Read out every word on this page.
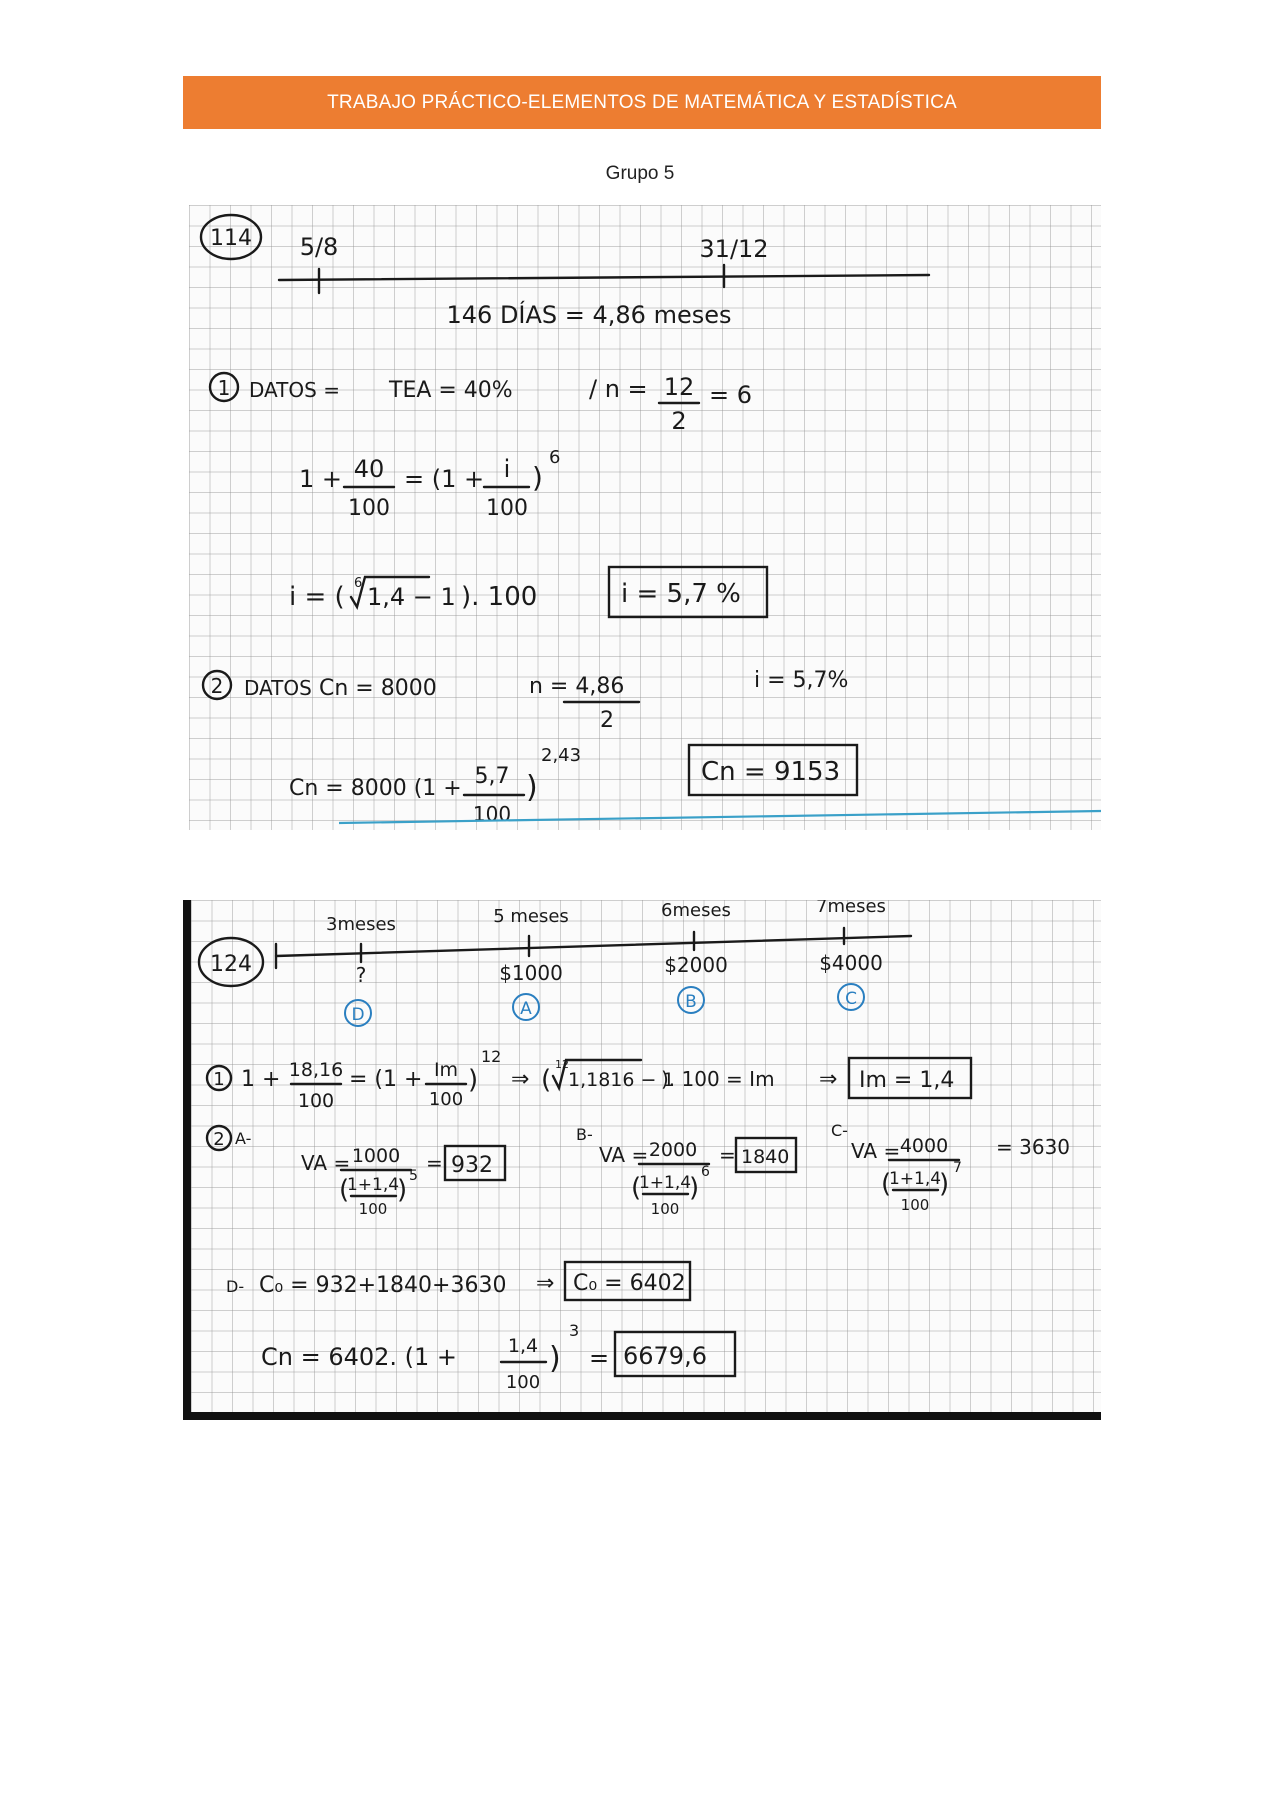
TRABAJO PRÁCTICO-ELEMENTOS DE MATEMÁTICA Y ESTADÍSTICA
Grupo 5
114 5/8	31/12
146 DÍAS = 4,86 meses
1 DATOS = TEA = 40%	/ n = 12
2
= 6
1 + 40
100
= (1 + i
100
)
6
i = ( 6 1,4 − 1 ). 100	i = 5,7 %
2 DATOS Cn = 8000	n = 4,86
2
i = 5,7%
Cn = 8000 (1 + 5,7
100
)
2,43
Cn = 9153
124
3meses	5 meses	6meses	7meses
?	$1000	$2000	$4000
D	A	B	C
1 1 + 18,16
100
= (1 + Im
100
)
12
⇒ (
12
1,1816 − 1
). 100 = Im ⇒ Im = 1,4
2 A-
VA = 1000
(
1+1,4
100
) 5
= 932
B-
VA = 2000
(
1+1,4
100
)
6
= 1840
C-
VA = 4000
(
1+1,4
100
)
7
= 3630
D- C₀ = 932+1840+3630 ⇒ C₀ = 6402
Cn = 6402. (1 +	1,4
100
)
3
= 6679,6
